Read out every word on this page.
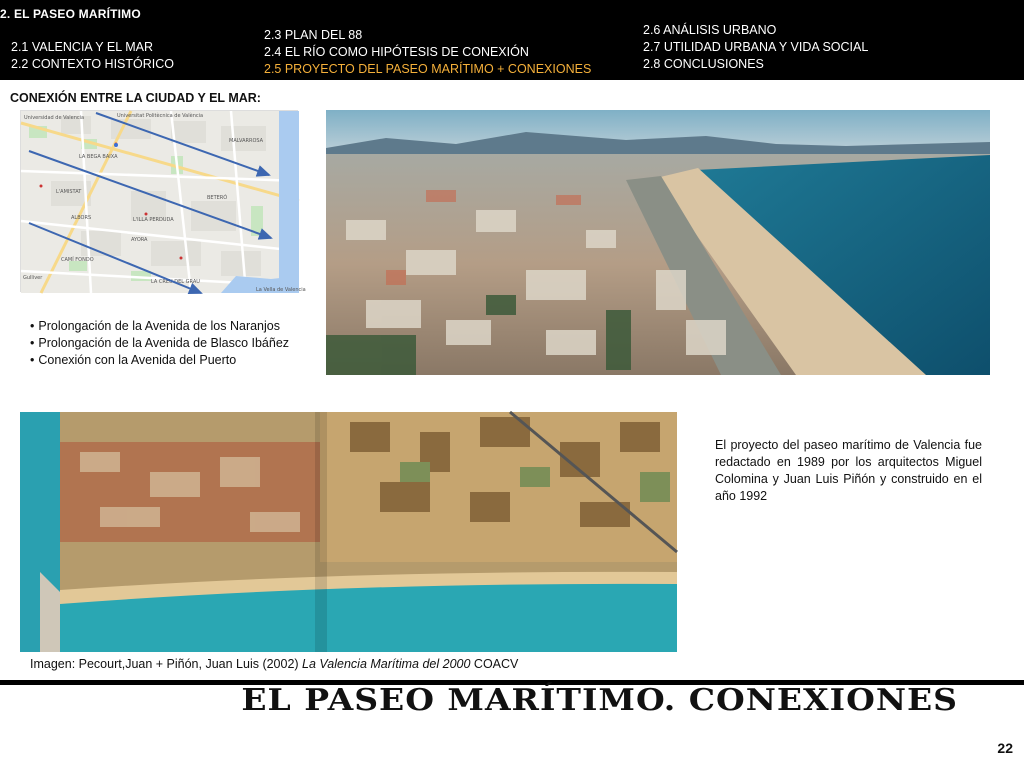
2. EL PASEO MARÍTIMO
2.1 VALENCIA Y EL MAR
2.2 CONTEXTO HISTÓRICO
2.3 PLAN DEL 88
2.4 EL RÍO COMO HIPÓTESIS DE CONEXIÓN
2.5 PROYECTO DEL PASEO MARÍTIMO + CONEXIONES
2.6 ANÁLISIS URBANO
2.7 UTILIDAD URBANA Y VIDA SOCIAL
2.8 CONCLUSIONES
CONEXIÓN ENTRE LA CIUDAD Y EL MAR:
Universidad de Valencia	Universitat Politècnica de València
MALVARROSA
LA BEGA BAIXA
L'AMISTAT
BETERÓ
ALBORS	L'ILLA PERDUDA
AYORA
CAMÍ FONDO
LA CREU DEL GRAU
Gulliver
La Vella de Valencia
• Prolongación de la Avenida de los Naranjos
• Prolongación de la Avenida de Blasco Ibáñez
• Conexión con la Avenida del Puerto
El proyecto del paseo marítimo de Valencia fue redactado en 1989 por los arquitectos Miguel Colomina y Juan Luis Piñón y construido en el año 1992
Imagen: Pecourt,Juan + Piñón, Juan Luis (2002) La Valencia Marítima del 2000 COACV
EL PASEO MARÍTIMO. CONEXIONES
22
